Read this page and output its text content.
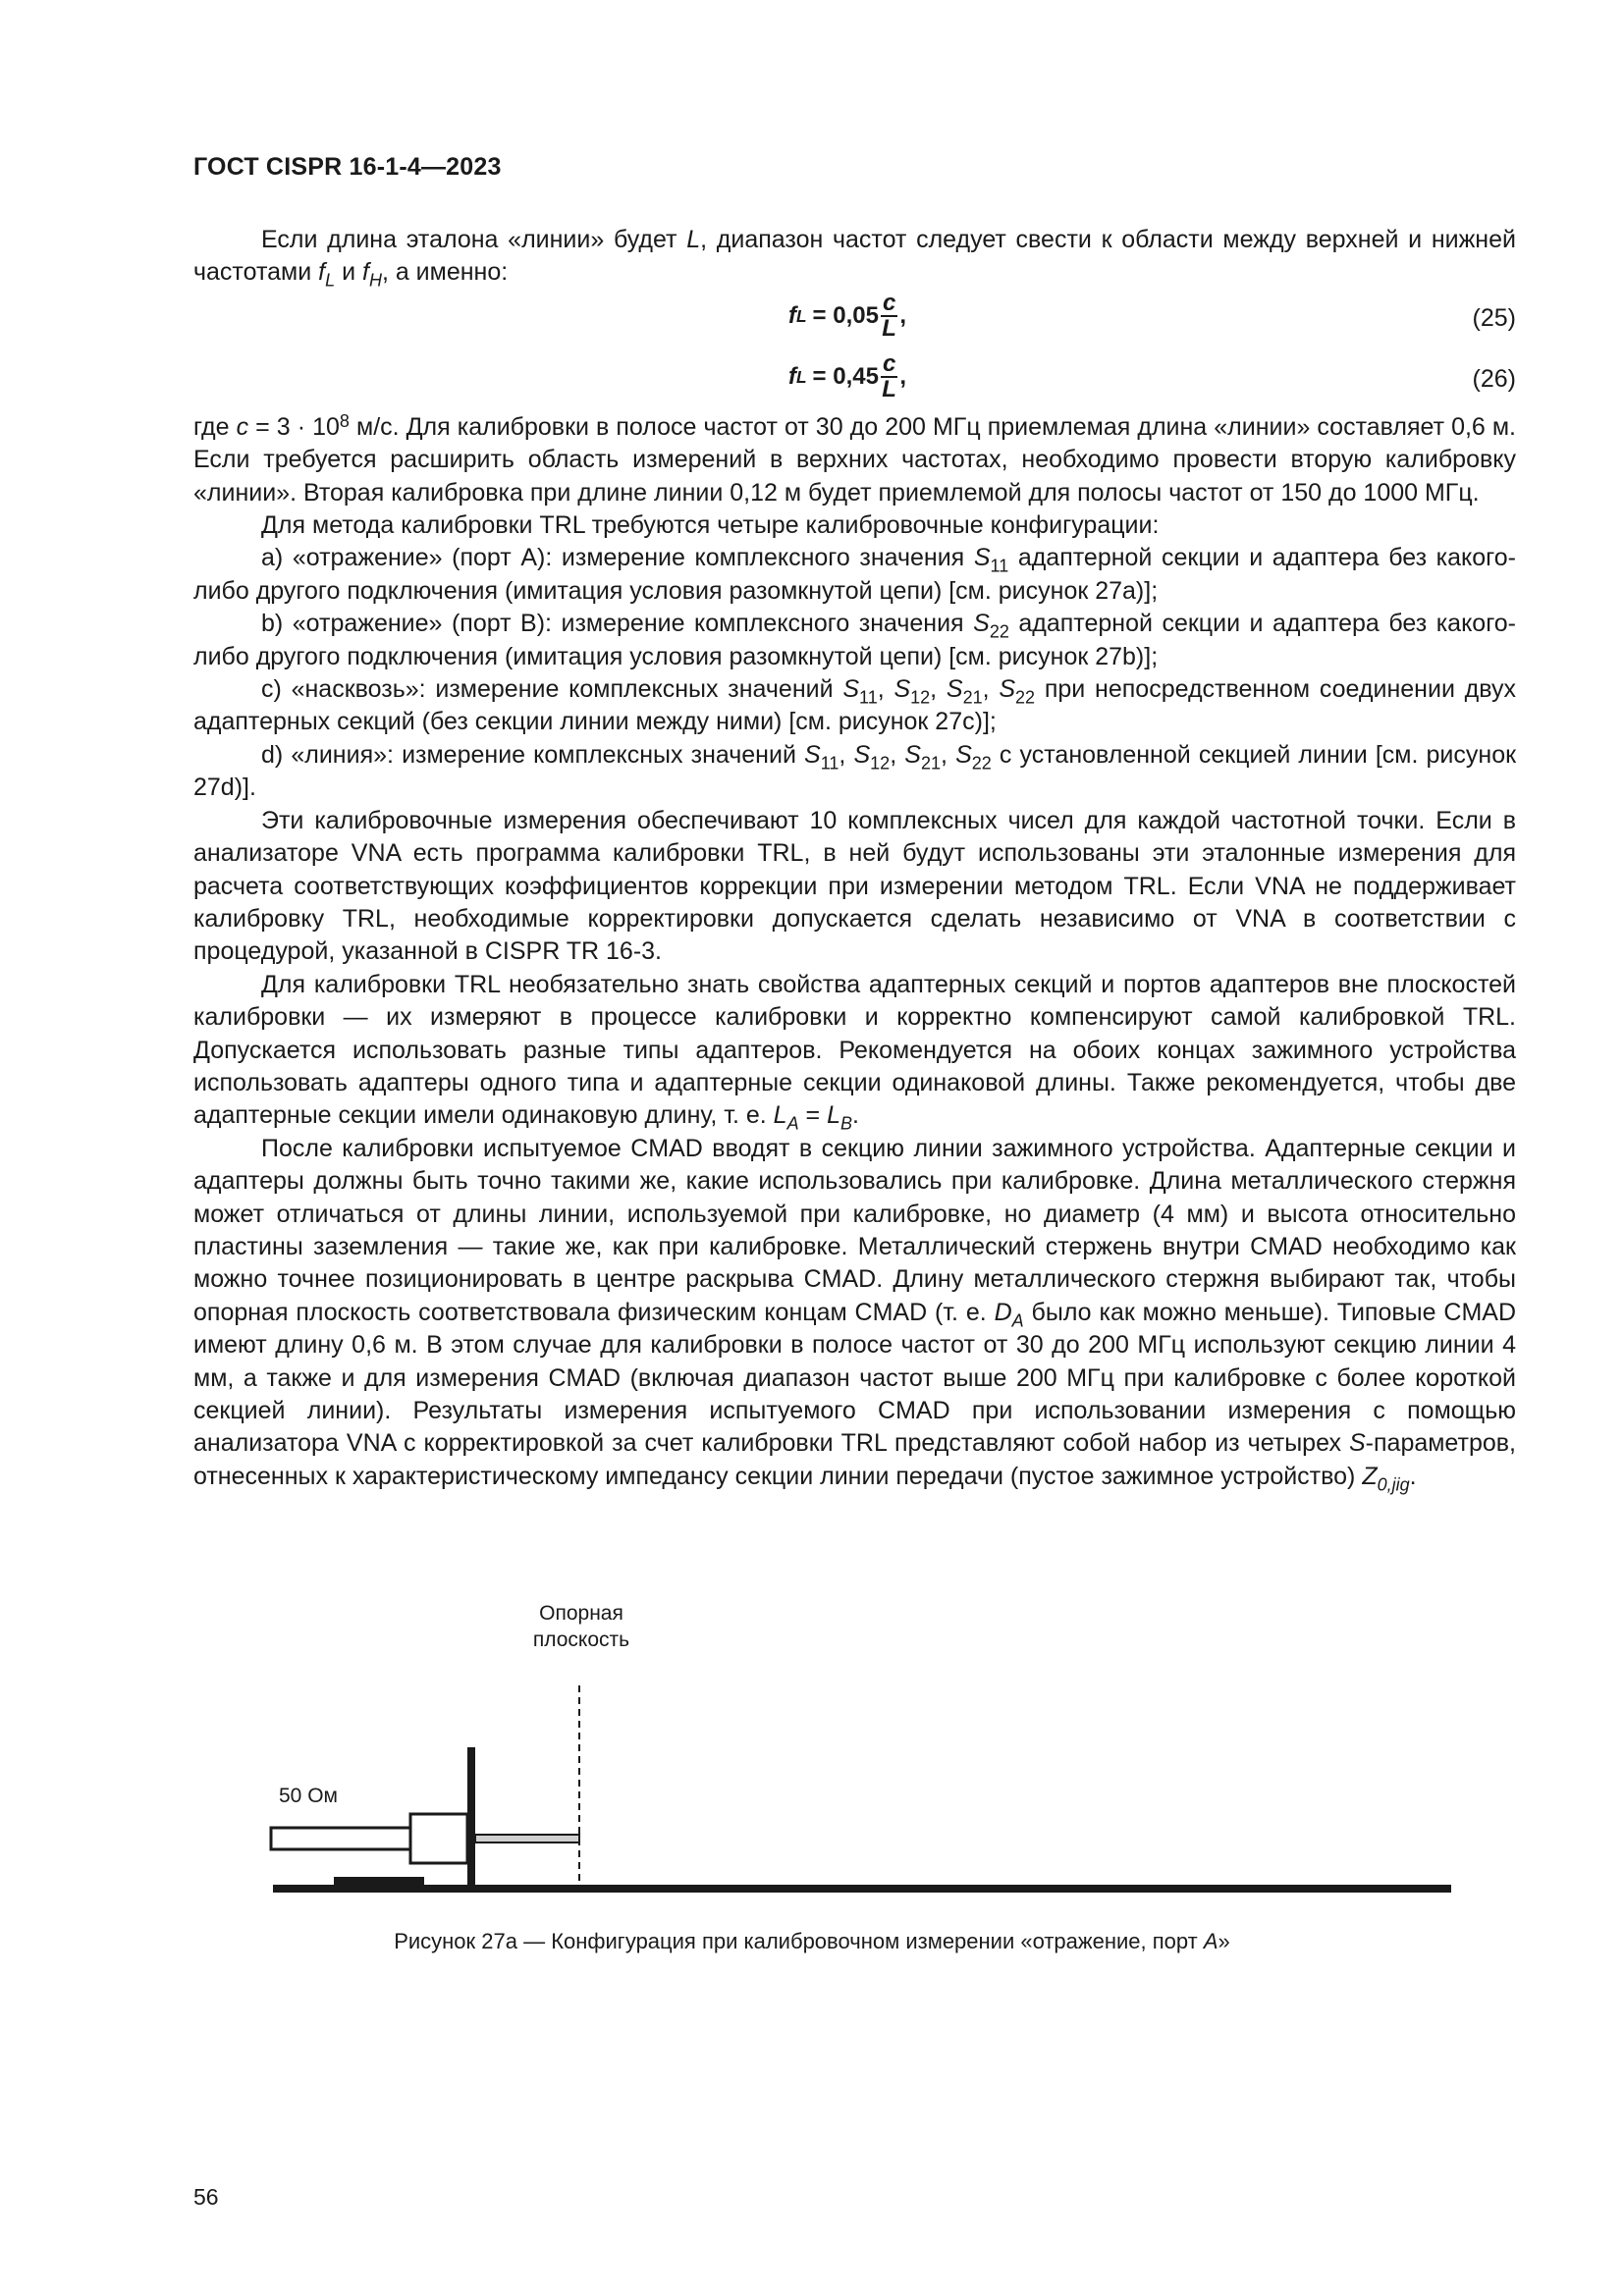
ГОСТ CISPR 16-1-4—2023

Если длина эталона «линии» будет L, диапазон частот следует свести к области между верхней и нижней частотами $f_L$ и $f_H$, а именно:

f $L = 0,05 \frac{c}{L}$ ,	(25)
f $L = 0,45 \frac{c}{L}$ ,	(26)

где $c = 3 \cdot 10^8$ м/с. Для калибровки в полосе частот от 30 до 200 МГц приемлемая длина «линии» составляет 0,6 м. Если требуется расширить область измерений в верхних частотах, необходимо провести вторую калибровку «линии». Вторая калибровка при длине линии 0,12 м будет приемлемой для полосы частот от 150 до 1000 МГц.

Для метода калибровки TRL требуются четыре калибровочные конфигурации:

a) «отражение» (порт А): измерение комплексного значения $S_{11}$ адаптерной секции и адаптера без какого-либо другого подключения (имитация условия разомкнутой цепи) [см. рисунок 27a)];

b) «отражение» (порт В): измерение комплексного значения $S_{22}$ адаптерной секции и адаптера без какого-либо другого подключения (имитация условия разомкнутой цепи) [см. рисунок 27b)];

c) «насквозь»: измерение комплексных значений $S_{11}$, $S_{12}$, $S_{21}$, $S_{22}$ при непосредственном соединении двух адаптерных секций (без секции линии между ними) [см. рисунок 27c)];

d) «линия»: измерение комплексных значений $S_{11}$, $S_{12}$, $S_{21}$, $S_{22}$ с установленной секцией линии [см. рисунок 27d)].

Эти калибровочные измерения обеспечивают 10 комплексных чисел для каждой частотной точки. Если в анализаторе VNA есть программа калибровки TRL, в ней будут использованы эти эталонные измерения для расчета соответствующих коэффициентов коррекции при измерении методом TRL. Если VNA не поддерживает калибровку TRL, необходимые корректировки допускается сделать независимо от VNA в соответствии с процедурой, указанной в CISPR TR 16-3.

Для калибровки TRL необязательно знать свойства адаптерных секций и портов адаптеров вне плоскостей калибровки — их измеряют в процессе калибровки и корректно компенсируют самой калибровкой TRL. Допускается использовать разные типы адаптеров. Рекомендуется на обоих концах зажимного устройства использовать адаптеры одного типа и адаптерные секции одинаковой длины. Также рекомендуется, чтобы две адаптерные секции имели одинаковую длину, т. е. $L_A = L_B$.

После калибровки испытуемое CMAD вводят в секцию линии зажимного устройства. Адаптерные секции и адаптеры должны быть точно такими же, какие использовались при калибровке. Длина металлического стержня может отличаться от длины линии, используемой при калибровке, но диаметр (4 мм) и высота относительно пластины заземления — такие же, как при калибровке. Металлический стержень внутри CMAD необходимо как можно точнее позиционировать в центре раскрыва CMAD. Длину металлического стержня выбирают так, чтобы опорная плоскость соответствовала физическим концам CMAD (т. е. $D_A$ было как можно меньше). Типовые CMAD имеют длину 0,6 м. В этом случае для калибровки в полосе частот от 30 до 200 МГц используют секцию линии 4 мм, а также и для измерения CMAD (включая диапазон частот выше 200 МГц при калибровке с более короткой секцией линии). Результаты измерения испытуемого CMAD при использовании измерения с помощью анализатора VNA с корректировкой за счет калибровки TRL представляют собой набор из четырех S-параметров, отнесенных к характеристическому импедансу секции линии передачи (пустое зажимное устройство) $Z_{0,jig}$.

Опорная плоскость
50 Ом
Рисунок 27a — Конфигурация при калибровочном измерении «отражение, порт A»
56
